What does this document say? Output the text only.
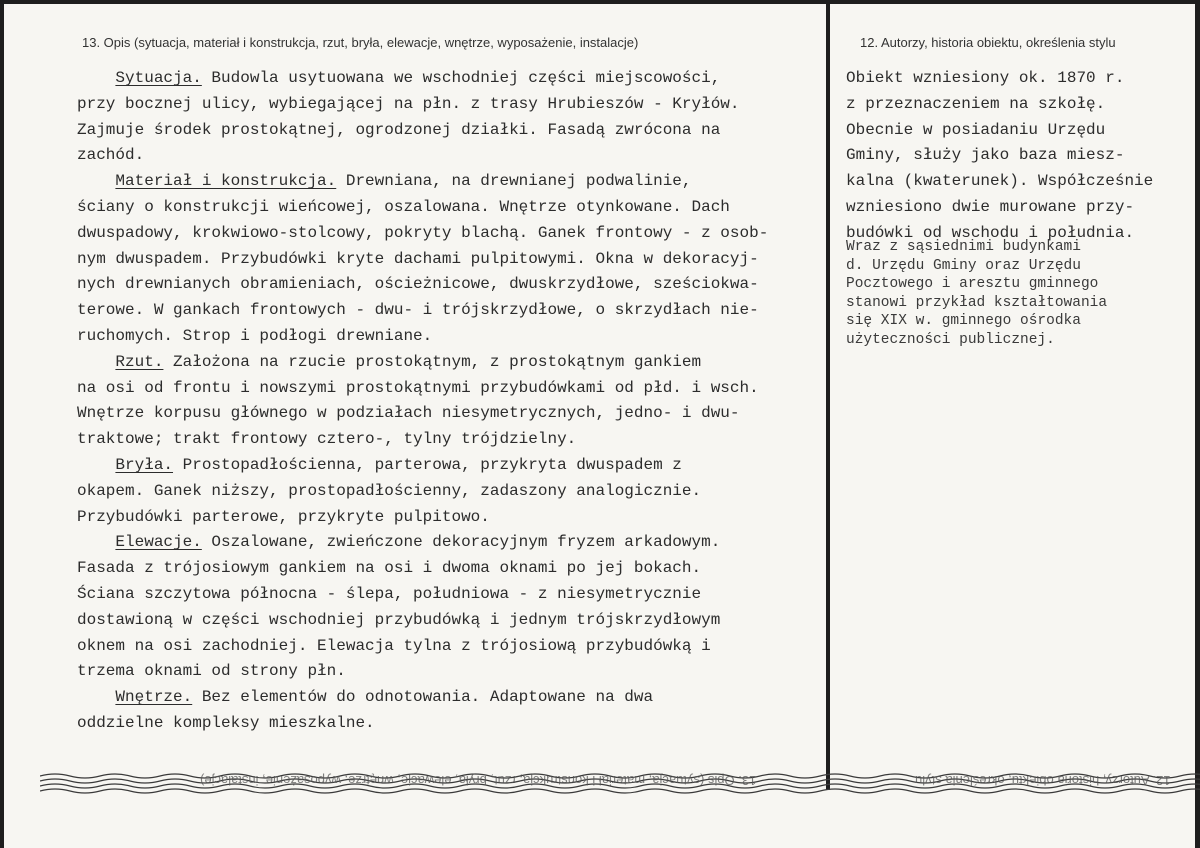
13. Opis (sytuacja, materiał i konstrukcja, rzut, bryła, elewacje, wnętrze, wyposażenie, instalacje)	12. Autorzy, historia obiektu, określenia stylu
Sytuacja. Budowla usytuowana we wschodniej części miejscowości,
przy bocznej ulicy, wybiegającej na płn. z trasy Hrubieszów - Kryłów.
Zajmuje środek prostokątnej, ogrodzonej działki. Fasadą zwrócona na
zachód.
Materiał i konstrukcja. Drewniana, na drewnianej podwalinie,
ściany o konstrukcji wieńcowej, oszalowana. Wnętrze otynkowane. Dach
dwuspadowy, krokwiowo-stolcowy, pokryty blachą. Ganek frontowy - z osob-
nym dwuspadem. Przybudówki kryte dachami pulpitowymi. Okna w dekoracyj-
nych drewnianych obramieniach, ościeżnicowe, dwuskrzydłowe, sześciokwa-
terowe. W gankach frontowych - dwu- i trójskrzydłowe, o skrzydłach nie-
ruchomych. Strop i podłogi drewniane.
Rzut. Założona na rzucie prostokątnym, z prostokątnym gankiem
na osi od frontu i nowszymi prostokątnymi przybudówkami od płd. i wsch.
Wnętrze korpusu głównego w podziałach niesymetrycznych, jedno- i dwu-
traktowe; trakt frontowy cztero-, tylny trójdzielny.
Bryła. Prostopadłościenna, parterowa, przykryta dwuspadem z
okapem. Ganek niższy, prostopadłościenny, zadaszony analogicznie.
Przybudówki parterowe, przykryte pulpitowo.
Elewacje. Oszalowane, zwieńczone dekoracyjnym fryzem arkadowym.
Fasada z trójosiowym gankiem na osi i dwoma oknami po jej bokach.
Ściana szczytowa północna - ślepa, południowa - z niesymetrycznie
dostawioną w części wschodniej przybudówką i jednym trójskrzydłowym
oknem na osi zachodniej. Elewacja tylna z trójosiową przybudówką i
trzema oknami od strony płn.
Wnętrze. Bez elementów do odnotowania. Adaptowane na dwa
oddzielne kompleksy mieszkalne.
Obiekt wzniesiony ok. 1870 r.
z przeznaczeniem na szkołę.
Obecnie w posiadaniu Urzędu
Gminy, służy jako baza miesz-
kalna (kwaterunek). Współcześnie
wzniesiono dwie murowane przy-
budówki od wschodu i południa.
Wraz z sąsiednimi budynkami
d. Urzędu Gminy oraz Urzędu
Pocztowego i aresztu gminnego
stanowi przykład kształtowania
się XIX w. gminnego ośrodka
użyteczności publicznej.
13. Opis (sytuacja, materiał i konstrukcja, rzut, bryła, elewacje, wnętrze, wyposażenie, instalacje)	12. Autorzy, historia obiektu, określenia stylu
